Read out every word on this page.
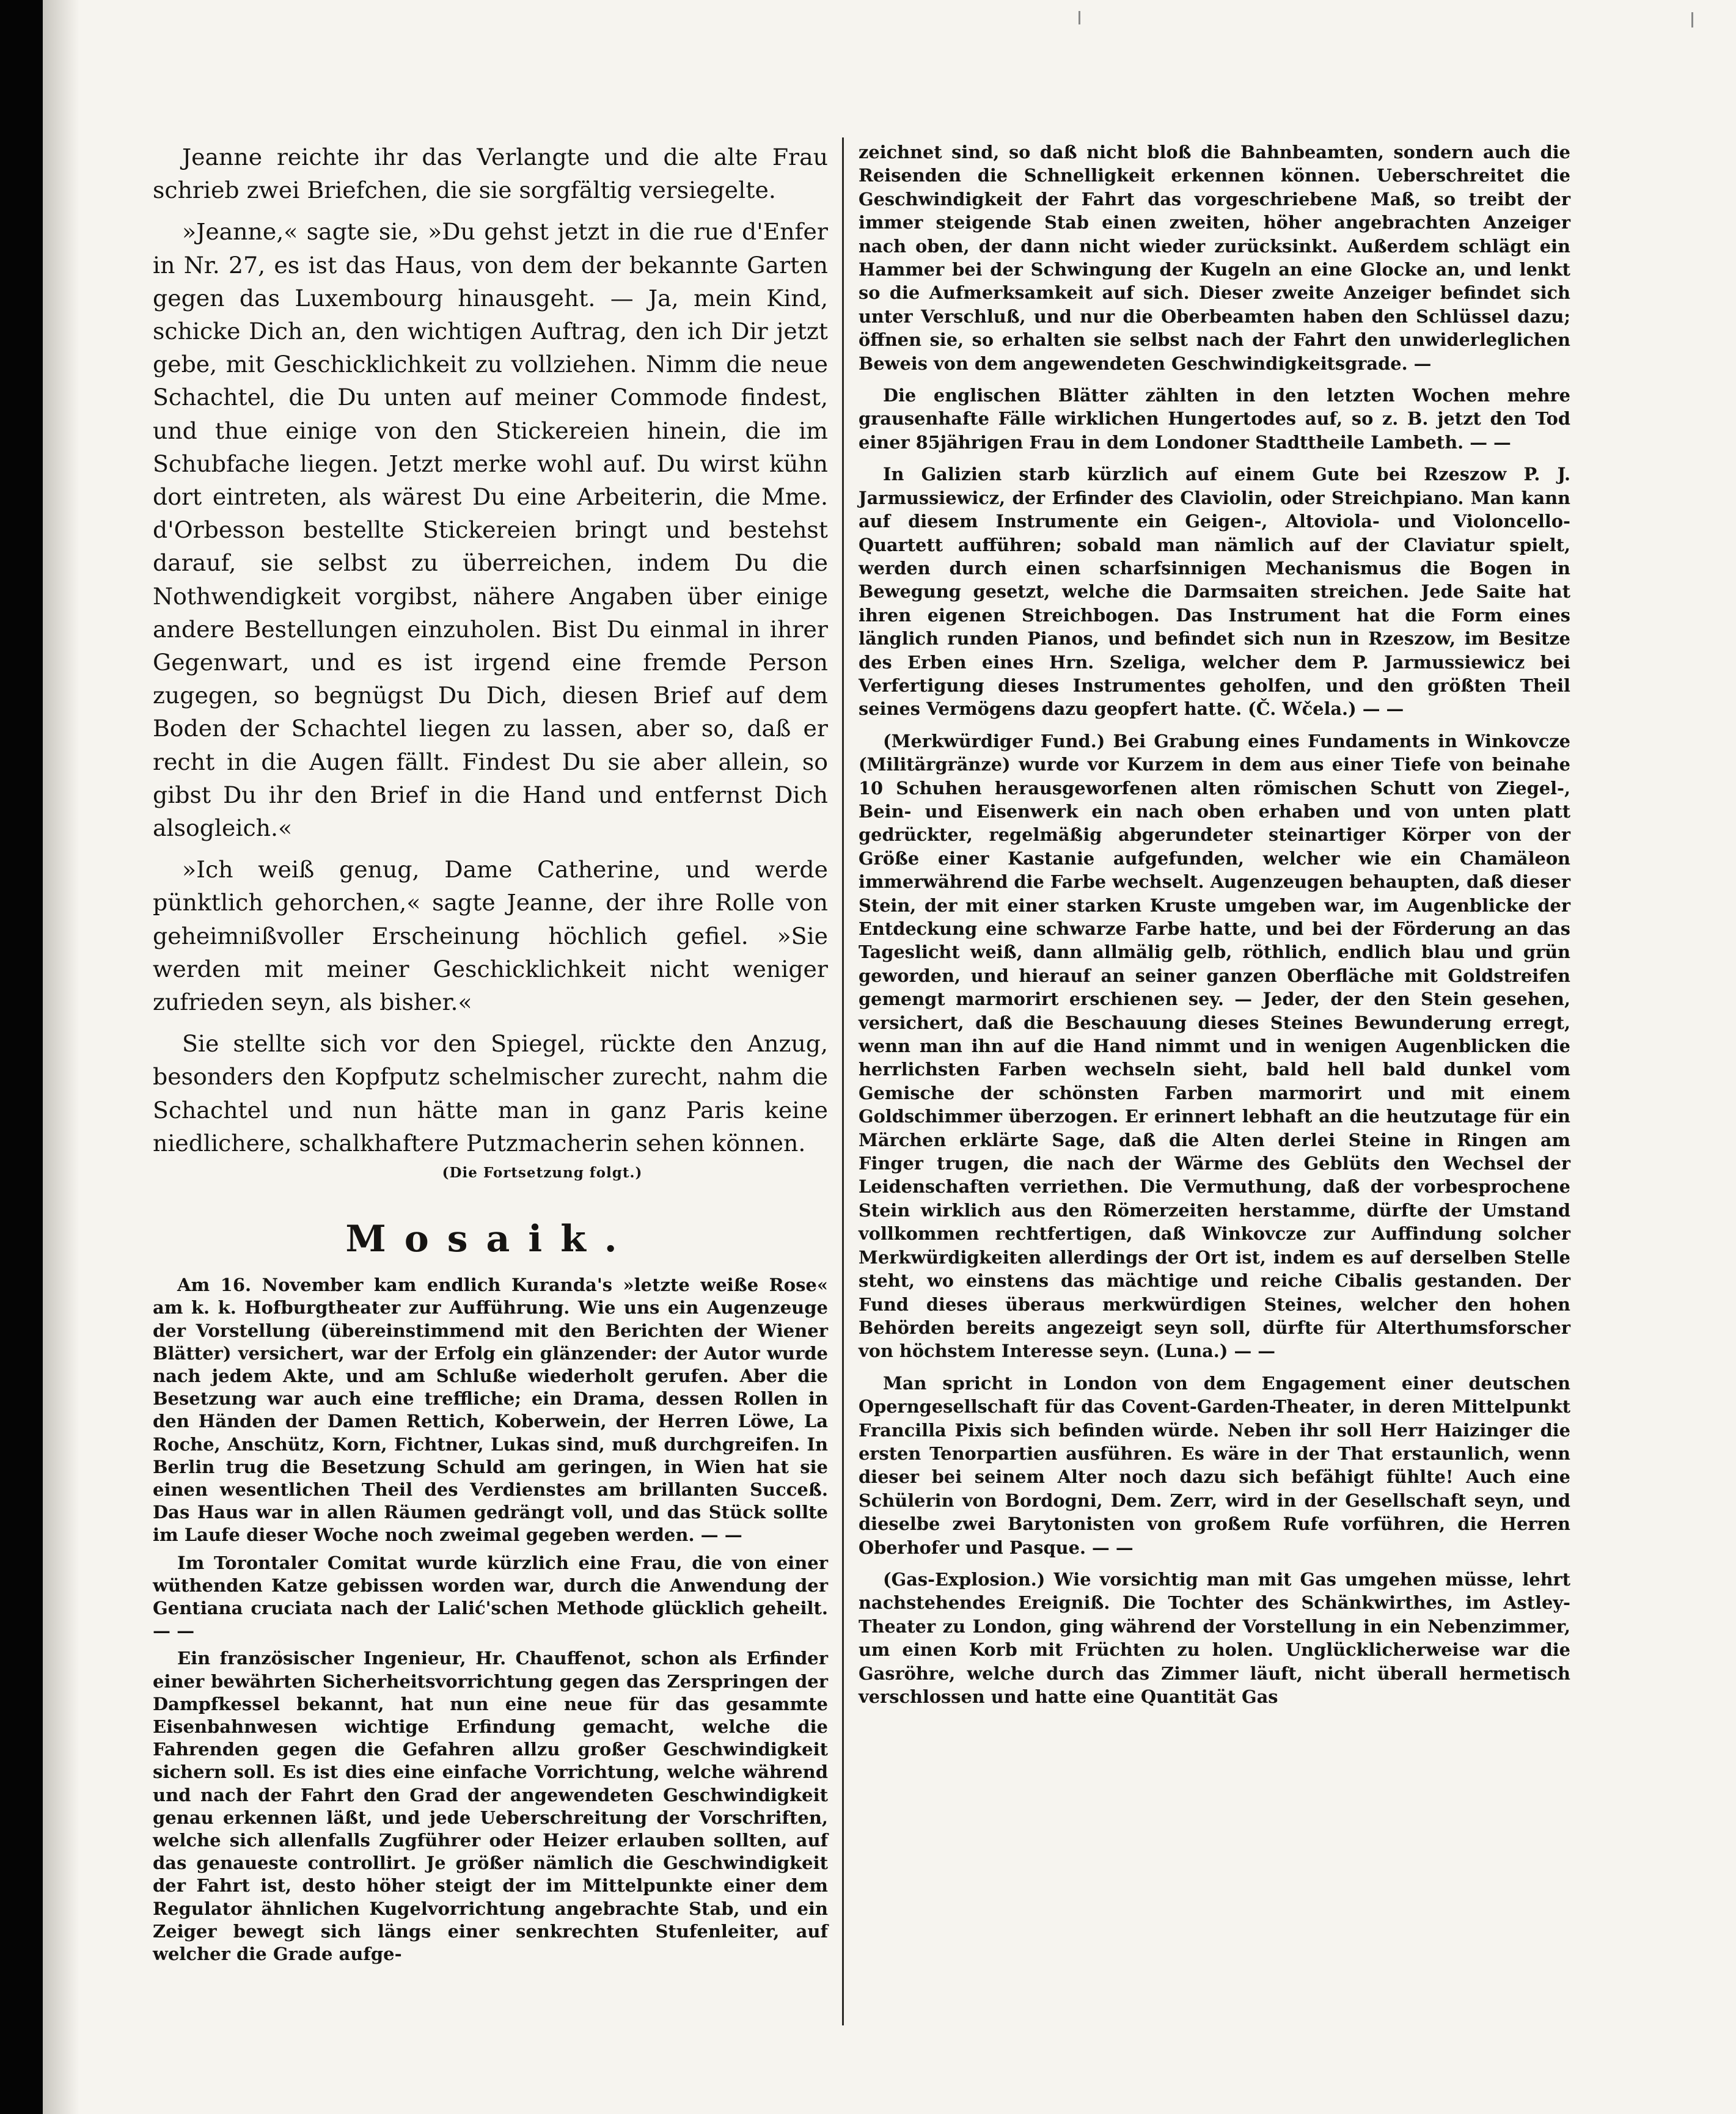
Jeanne reichte ihr das Verlangte und die alte Frau schrieb zwei Briefchen, die sie sorgfältig versiegelte.

»Jeanne,« sagte sie, »Du gehst jetzt in die rue d'Enfer in Nr. 27, es ist das Haus, von dem der bekannte Garten gegen das Luxembourg hinausgeht. — Ja, mein Kind, schicke Dich an, den wichtigen Auftrag, den ich Dir jetzt gebe, mit Geschicklichkeit zu vollziehen. Nimm die neue Schachtel, die Du unten auf meiner Commode findest, und thue einige von den Stickereien hinein, die im Schubfache liegen. Jetzt merke wohl auf. Du wirst kühn dort eintreten, als wärest Du eine Arbeiterin, die Mme. d'Orbesson bestellte Stickereien bringt und bestehst darauf, sie selbst zu überreichen, indem Du die Nothwendigkeit vorgibst, nähere Angaben über einige andere Bestellungen einzuholen. Bist Du einmal in ihrer Gegenwart, und es ist irgend eine fremde Person zugegen, so begnügst Du Dich, diesen Brief auf dem Boden der Schachtel liegen zu lassen, aber so, daß er recht in die Augen fällt. Findest Du sie aber allein, so gibst Du ihr den Brief in die Hand und entfernst Dich alsogleich.«

»Ich weiß genug, Dame Catherine, und werde pünktlich gehorchen,« sagte Jeanne, der ihre Rolle von geheimnißvoller Erscheinung höchlich gefiel. »Sie werden mit meiner Geschicklichkeit nicht weniger zufrieden seyn, als bisher.«

Sie stellte sich vor den Spiegel, rückte den Anzug, besonders den Kopfputz schelmischer zurecht, nahm die Schachtel und nun hätte man in ganz Paris keine niedlichere, schalkhaftere Putzmacherin sehen können.

(Die Fortsetzung folgt.)
Mosaik.

Am 16. November kam endlich Kuranda's »letzte weiße Rose« am k. k. Hofburgtheater zur Aufführung. Wie uns ein Augenzeuge der Vorstellung (übereinstimmend mit den Berichten der Wiener Blätter) versichert, war der Erfolg ein glänzender: der Autor wurde nach jedem Akte, und am Schluße wiederholt gerufen. Aber die Besetzung war auch eine treffliche; ein Drama, dessen Rollen in den Händen der Damen Rettich, Koberwein, der Herren Löwe, La Roche, Anschütz, Korn, Fichtner, Lukas sind, muß durchgreifen. In Berlin trug die Besetzung Schuld am geringen, in Wien hat sie einen wesentlichen Theil des Verdienstes am brillanten Succeß. Das Haus war in allen Räumen gedrängt voll, und das Stück sollte im Laufe dieser Woche noch zweimal gegeben werden. — —

Im Torontaler Comitat wurde kürzlich eine Frau, die von einer wüthenden Katze gebissen worden war, durch die Anwendung der Gentiana cruciata nach der Lalić'schen Methode glücklich geheilt. — —

Ein französischer Ingenieur, Hr. Chauffenot, schon als Erfinder einer bewährten Sicherheitsvorrichtung gegen das Zerspringen der Dampfkessel bekannt, hat nun eine neue für das gesammte Eisenbahnwesen wichtige Erfindung gemacht, welche die Fahrenden gegen die Gefahren allzu großer Geschwindigkeit sichern soll. Es ist dies eine einfache Vorrichtung, welche während und nach der Fahrt den Grad der angewendeten Geschwindigkeit genau erkennen läßt, und jede Ueberschreitung der Vorschriften, welche sich allenfalls Zugführer oder Heizer erlauben sollten, auf das genaueste controllirt. Je größer nämlich die Geschwindigkeit der Fahrt ist, desto höher steigt der im Mittelpunkte einer dem Regulator ähnlichen Kugelvorrichtung angebrachte Stab, und ein Zeiger bewegt sich längs einer senkrechten Stufenleiter, auf welcher die Grade aufge-

zeichnet sind, so daß nicht bloß die Bahnbeamten, sondern auch die Reisenden die Schnelligkeit erkennen können. Ueberschreitet die Geschwindigkeit der Fahrt das vorgeschriebene Maß, so treibt der immer steigende Stab einen zweiten, höher angebrachten Anzeiger nach oben, der dann nicht wieder zurücksinkt. Außerdem schlägt ein Hammer bei der Schwingung der Kugeln an eine Glocke an, und lenkt so die Aufmerksamkeit auf sich. Dieser zweite Anzeiger befindet sich unter Verschluß, und nur die Oberbeamten haben den Schlüssel dazu; öffnen sie, so erhalten sie selbst nach der Fahrt den unwiderleglichen Beweis von dem angewendeten Geschwindigkeitsgrade. —

Die englischen Blätter zählten in den letzten Wochen mehre grausenhafte Fälle wirklichen Hungertodes auf, so z. B. jetzt den Tod einer 85jährigen Frau in dem Londoner Stadttheile Lambeth. — —

In Galizien starb kürzlich auf einem Gute bei Rzeszow P. J. Jarmussiewicz, der Erfinder des Claviolin, oder Streichpiano. Man kann auf diesem Instrumente ein Geigen-, Altoviola- und Violoncello-Quartett aufführen; sobald man nämlich auf der Claviatur spielt, werden durch einen scharfsinnigen Mechanismus die Bogen in Bewegung gesetzt, welche die Darmsaiten streichen. Jede Saite hat ihren eigenen Streichbogen. Das Instrument hat die Form eines länglich runden Pianos, und befindet sich nun in Rzeszow, im Besitze des Erben eines Hrn. Szeliga, welcher dem P. Jarmussiewicz bei Verfertigung dieses Instrumentes geholfen, und den größten Theil seines Vermögens dazu geopfert hatte. (Č. Wčela.) — —

(Merkwürdiger Fund.) Bei Grabung eines Fundaments in Winkovcze (Militärgränze) wurde vor Kurzem in dem aus einer Tiefe von beinahe 10 Schuhen herausgeworfenen alten römischen Schutt von Ziegel-, Bein- und Eisenwerk ein nach oben erhaben und von unten platt gedrückter, regelmäßig abgerundeter steinartiger Körper von der Größe einer Kastanie aufgefunden, welcher wie ein Chamäleon immerwährend die Farbe wechselt. Augenzeugen behaupten, daß dieser Stein, der mit einer starken Kruste umgeben war, im Augenblicke der Entdeckung eine schwarze Farbe hatte, und bei der Förderung an das Tageslicht weiß, dann allmälig gelb, röthlich, endlich blau und grün geworden, und hierauf an seiner ganzen Oberfläche mit Goldstreifen gemengt marmorirt erschienen sey. — Jeder, der den Stein gesehen, versichert, daß die Beschauung dieses Steines Bewunderung erregt, wenn man ihn auf die Hand nimmt und in wenigen Augenblicken die herrlichsten Farben wechseln sieht, bald hell bald dunkel vom Gemische der schönsten Farben marmorirt und mit einem Goldschimmer überzogen. Er erinnert lebhaft an die heutzutage für ein Märchen erklärte Sage, daß die Alten derlei Steine in Ringen am Finger trugen, die nach der Wärme des Geblüts den Wechsel der Leidenschaften verriethen. Die Vermuthung, daß der vorbesprochene Stein wirklich aus den Römerzeiten herstamme, dürfte der Umstand vollkommen rechtfertigen, daß Winkovcze zur Auffindung solcher Merkwürdigkeiten allerdings der Ort ist, indem es auf derselben Stelle steht, wo einstens das mächtige und reiche Cibalis gestanden. Der Fund dieses überaus merkwürdigen Steines, welcher den hohen Behörden bereits angezeigt seyn soll, dürfte für Alterthumsforscher von höchstem Interesse seyn. (Luna.) — —

Man spricht in London von dem Engagement einer deutschen Operngesellschaft für das Covent-Garden-Theater, in deren Mittelpunkt Francilla Pixis sich befinden würde. Neben ihr soll Herr Haizinger die ersten Tenorpartien ausführen. Es wäre in der That erstaunlich, wenn dieser bei seinem Alter noch dazu sich befähigt fühlte! Auch eine Schülerin von Bordogni, Dem. Zerr, wird in der Gesellschaft seyn, und dieselbe zwei Barytonisten von großem Rufe vorführen, die Herren Oberhofer und Pasque. — —

(Gas-Explosion.) Wie vorsichtig man mit Gas umgehen müsse, lehrt nachstehendes Ereigniß. Die Tochter des Schänkwirthes, im Astley-Theater zu London, ging während der Vorstellung in ein Nebenzimmer, um einen Korb mit Früchten zu holen. Unglücklicherweise war die Gasröhre, welche durch das Zimmer läuft, nicht überall hermetisch verschlossen und hatte eine Quantität Gas
